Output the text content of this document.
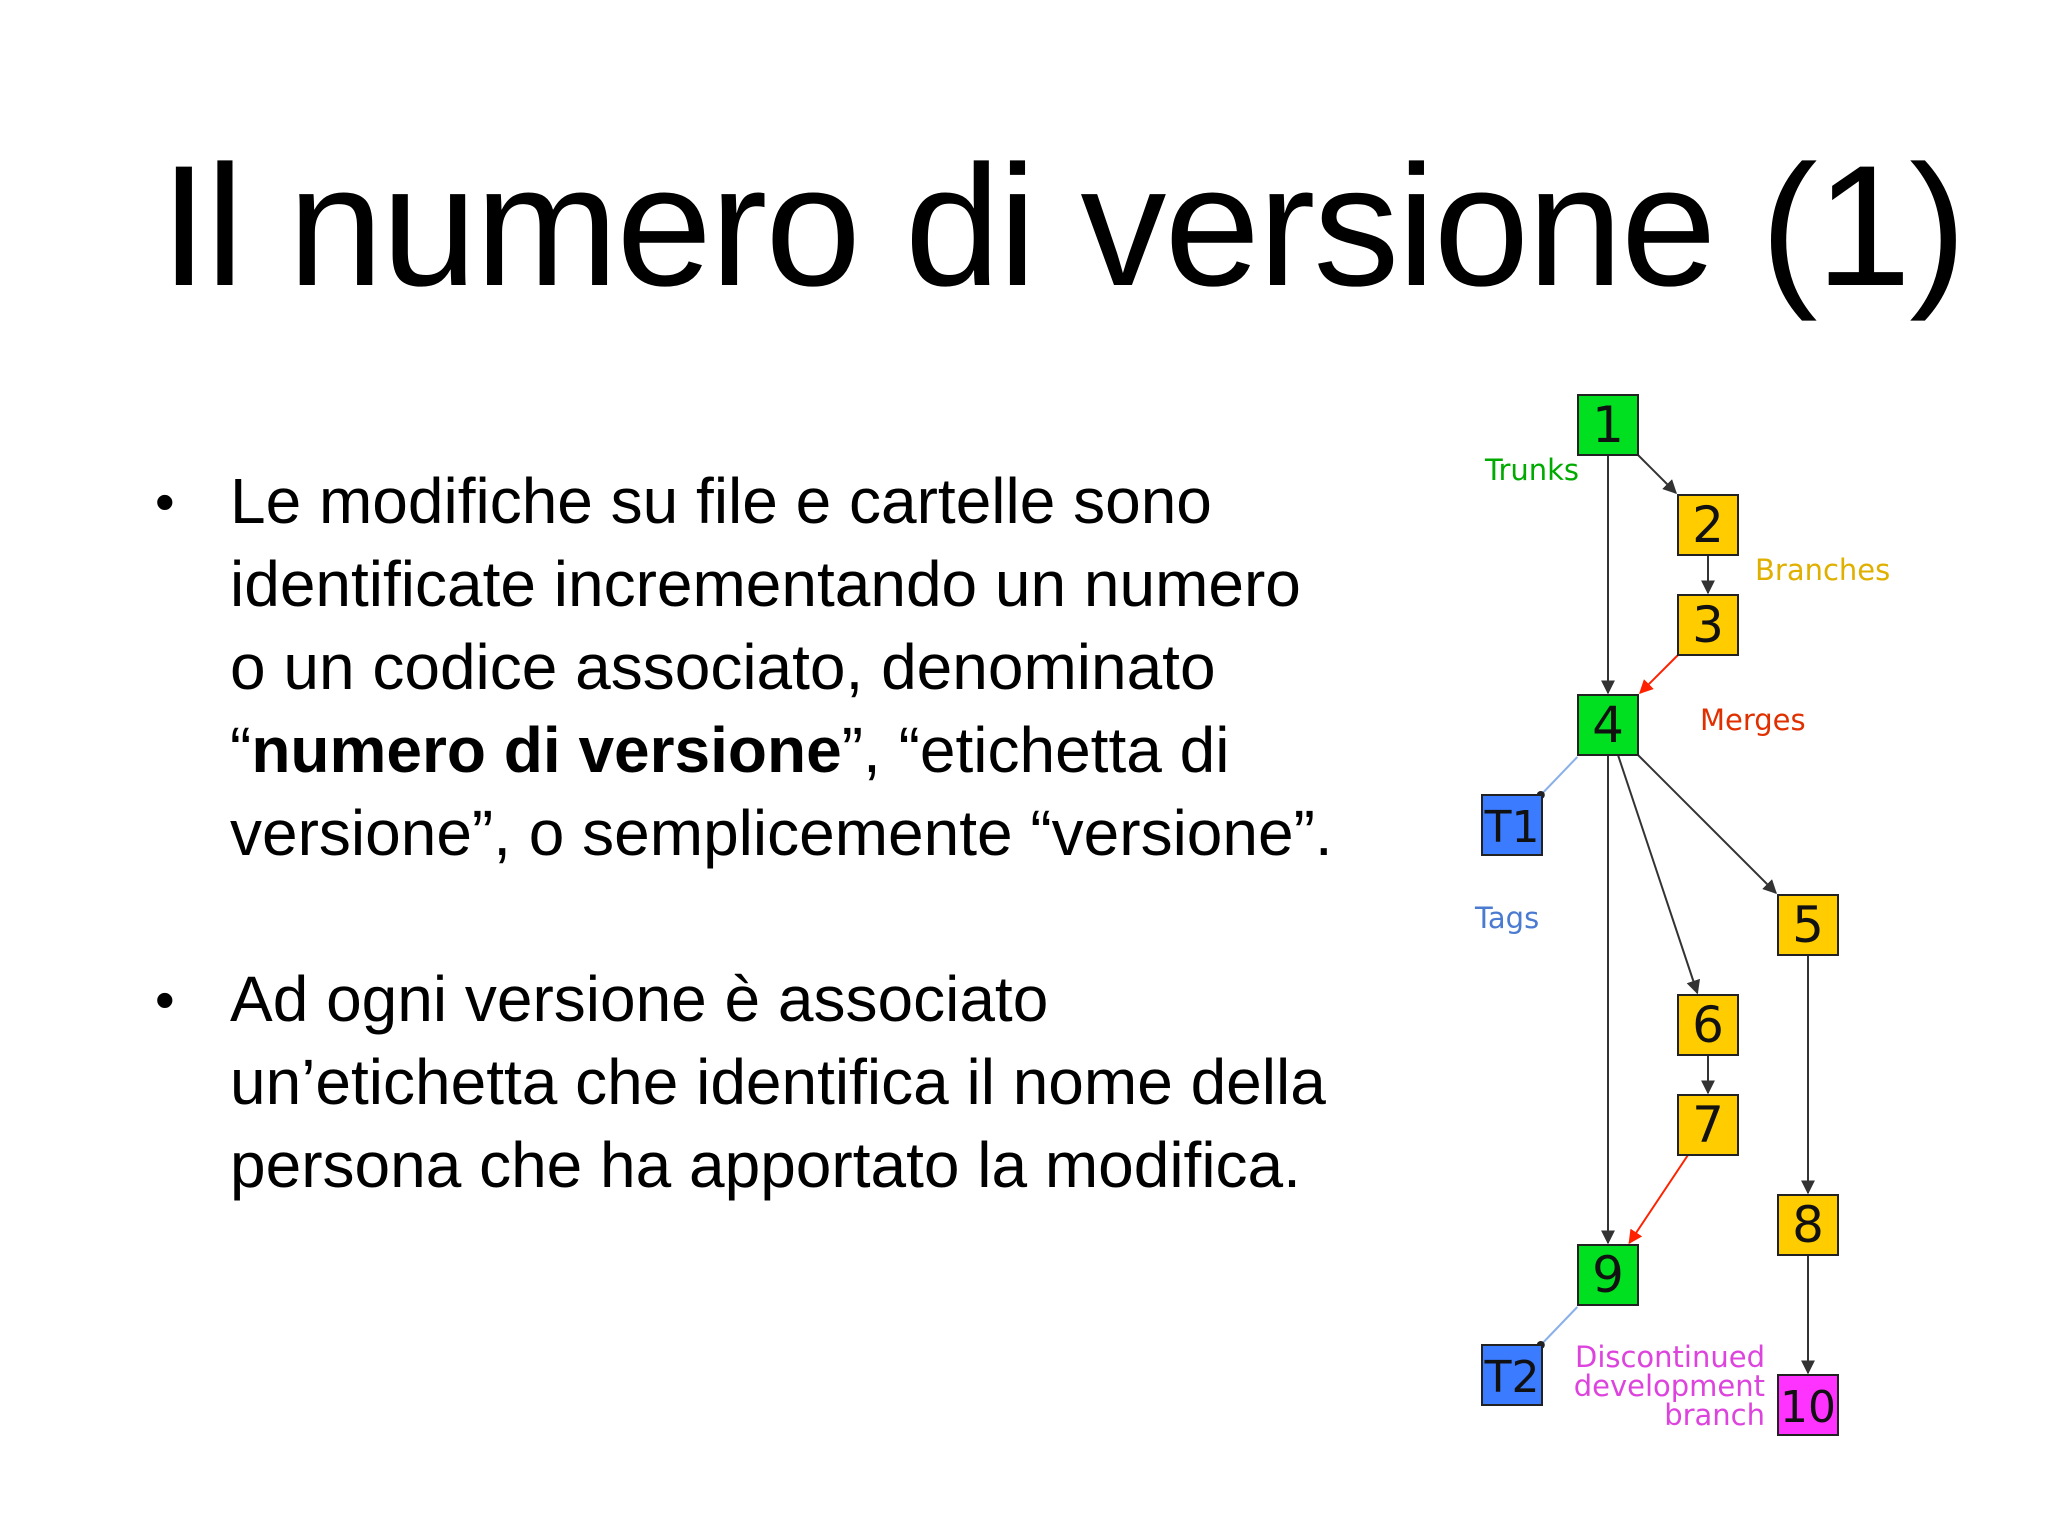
Il numero di versione (1)
• Le modifiche su file e cartelle sono identificate incrementando un numero o un codice associato, denominato “numero di versione”, “etichetta di versione”, o semplicemente “versione”.
• Ad ogni versione è associato un’etichetta che identifica il nome della persona che ha apportato la modifica.
1
2
3
4
5
6
7
8
9
10
T1
T2
Trunks
Branches
Merges
Tags
Discontinued
development
branch
